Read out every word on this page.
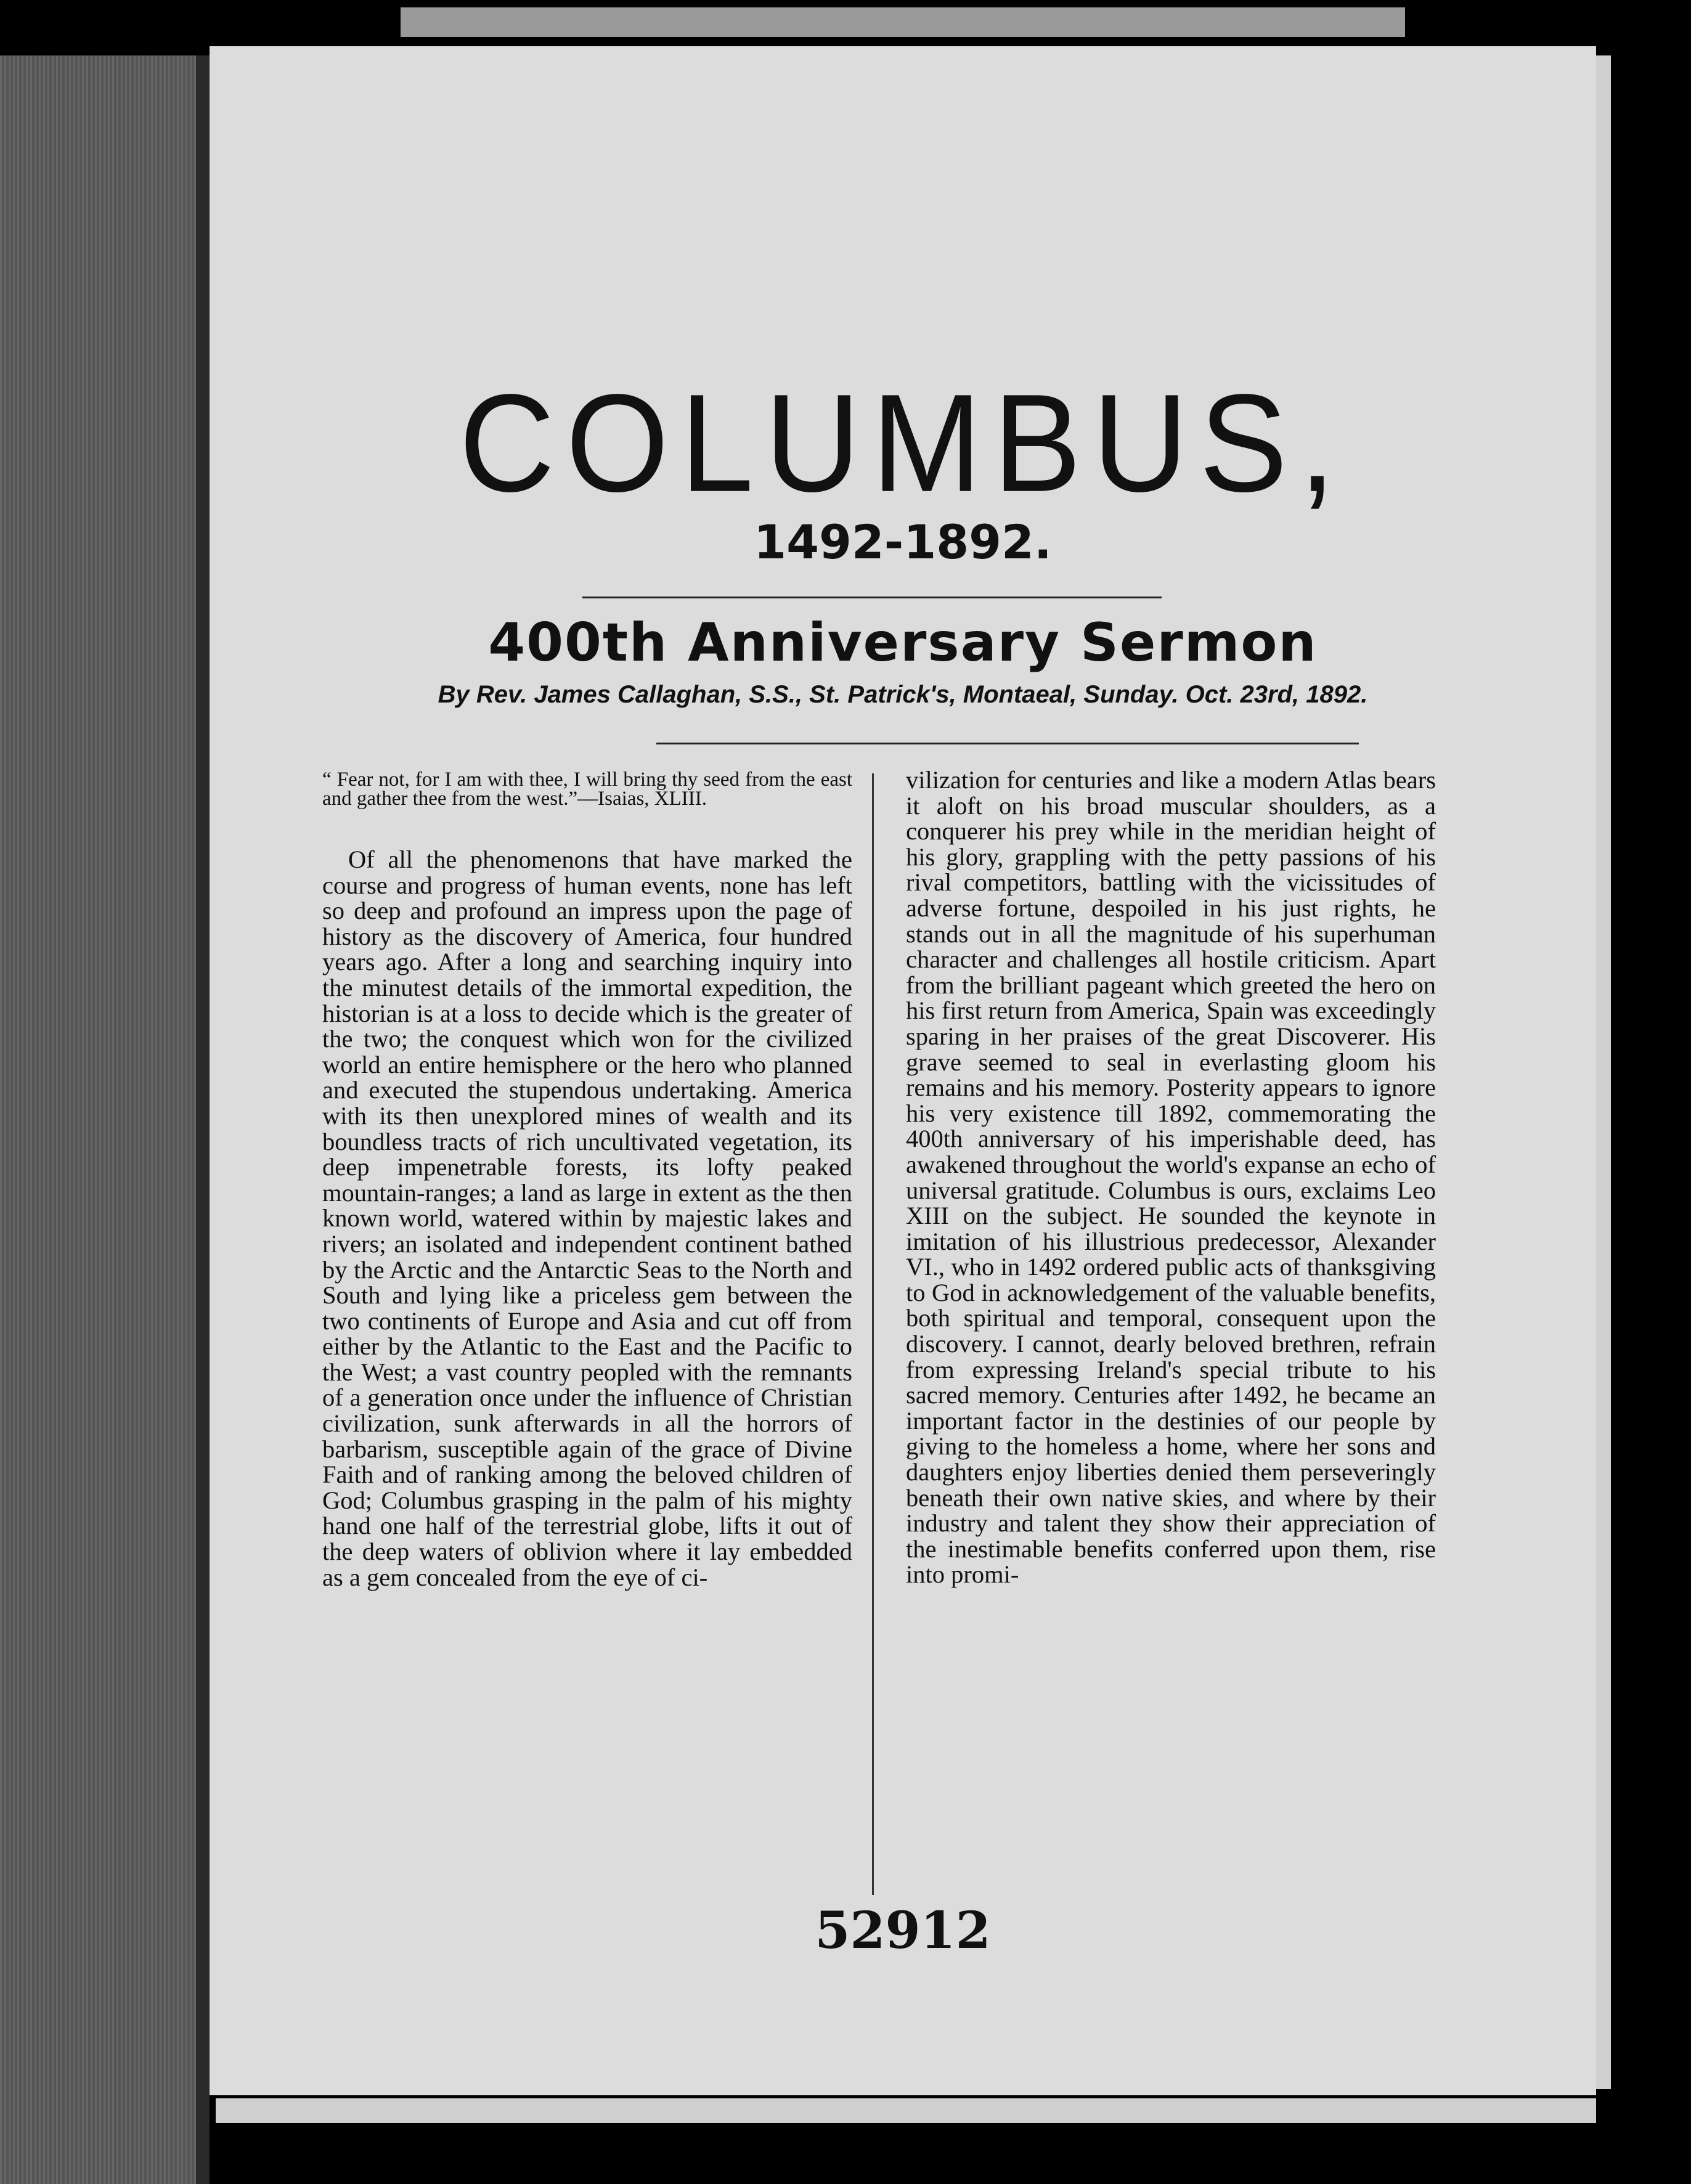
COLUMBUS,
1492-1892.
400th Anniversary Sermon
By Rev. James Callaghan, S.S., St. Patrick's, Montaeal, Sunday. Oct. 23rd, 1892.

“ Fear not, for I am with thee, I will bring thy seed from the east and gather thee from the west.”—Isaias, XLIII.

Of all the phenomenons that have marked the course and progress of human events, none has left so deep and profound an impress upon the page of history as the discovery of America, four hundred years ago. After a long and searching inquiry into the minutest details of the immortal expedition, the historian is at a loss to decide which is the greater of the two; the conquest which won for the civilized world an entire hemisphere or the hero who planned and executed the stupendous undertaking. America with its then unexplored mines of wealth and its boundless tracts of rich uncultivated vegetation, its deep impenetrable forests, its lofty peaked mountain-ranges; a land as large in extent as the then known world, watered within by majestic lakes and rivers; an isolated and independent continent bathed by the Arctic and the Antarctic Seas to the North and South and lying like a priceless gem between the two continents of Europe and Asia and cut off from either by the Atlantic to the East and the Pacific to the West; a vast country peopled with the remnants of a generation once under the influence of Christian civilization, sunk afterwards in all the horrors of barbarism, susceptible again of the grace of Divine Faith and of ranking among the beloved children of God; Columbus grasping in the palm of his mighty hand one half of the terrestrial globe, lifts it out of the deep waters of oblivion where it lay embedded as a gem concealed from the eye of ci-

vilization for centuries and like a modern Atlas bears it aloft on his broad muscular shoulders, as a conquerer his prey while in the meridian height of his glory, grappling with the petty passions of his rival competitors, battling with the vicissitudes of adverse fortune, despoiled in his just rights, he stands out in all the magnitude of his superhuman character and challenges all hostile criticism. Apart from the brilliant pageant which greeted the hero on his first return from America, Spain was exceedingly sparing in her praises of the great Discoverer. His grave seemed to seal in everlasting gloom his remains and his memory. Posterity appears to ignore his very existence till 1892, commemorating the 400th anniversary of his imperishable deed, has awakened throughout the world's expanse an echo of universal gratitude. Columbus is ours, exclaims Leo XIII on the subject. He sounded the keynote in imitation of his illustrious predecessor, Alexander VI., who in 1492 ordered public acts of thanksgiving to God in acknowledgement of the valuable benefits, both spiritual and temporal, consequent upon the discovery. I cannot, dearly beloved brethren, refrain from expressing Ireland's special tribute to his sacred memory. Centuries after 1492, he became an important factor in the destinies of our people by giving to the homeless a home, where her sons and daughters enjoy liberties denied them perseveringly beneath their own native skies, and where by their industry and talent they show their appreciation of the inestimable benefits conferred upon them, rise into promi-

52912
